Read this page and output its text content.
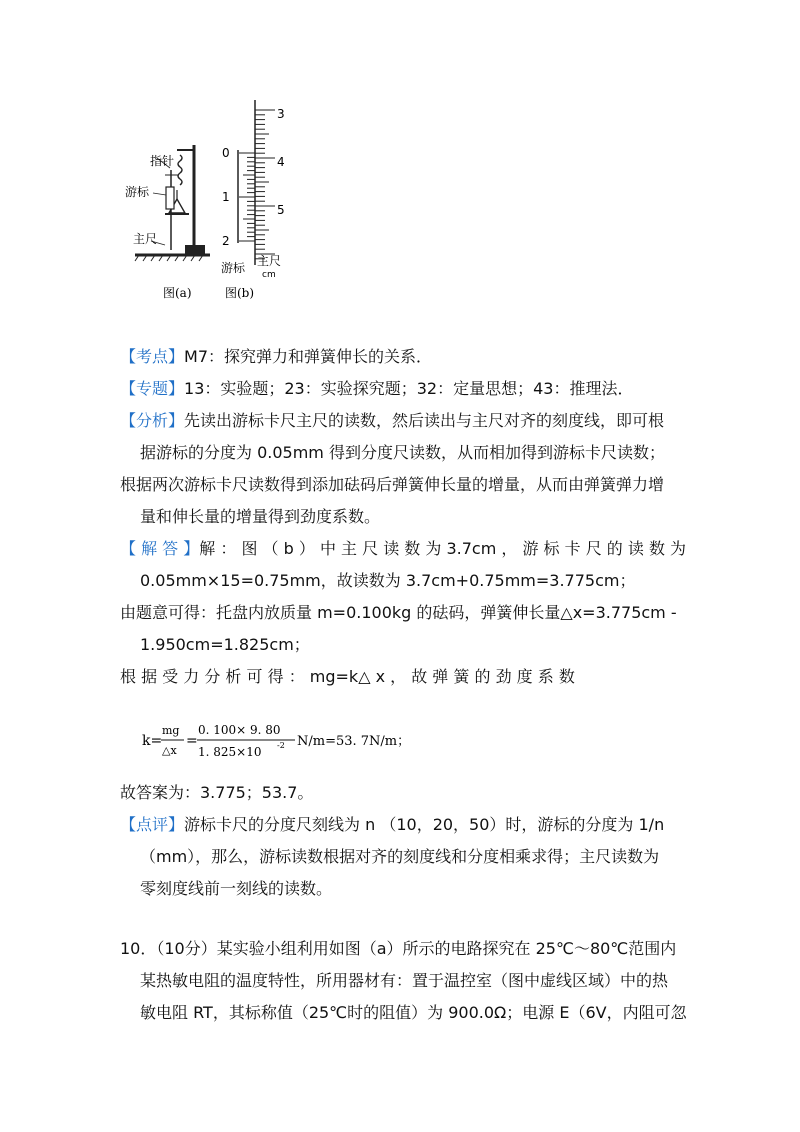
指针
游标
主尺
图(a)
3
4
5
0
1
2
游标 主尺
cm
图(b)
【考点】M7：探究弹力和弹簧伸长的关系．
【专题】13：实验题；23：实验探究题；32：定量思想；43：推理法．
【分析】先读出游标卡尺主尺的读数，然后读出与主尺对齐的刻度线，即可根
据游标的分度为 0.05mm 得到分度尺读数，从而相加得到游标卡尺读数；
根据两次游标卡尺读数得到添加砝码后弹簧伸长量的增量，从而由弹簧弹力增
量和伸长量的增量得到劲度系数。
【 解 答 】解 ： 图 （ b ） 中 主 尺 读 数 为 3.7cm ， 游 标 卡 尺 的 读 数 为
0.05mm×15=0.75mm，故读数为 3.7cm+0.75mm=3.775cm；
由题意可得：托盘内放质量 m=0.100kg 的砝码，弹簧伸长量△x=3.775cm -
1.950cm=1.825cm；
根 据 受 力 分 析 可 得 ： mg=k△ x ， 故 弹 簧 的 劲 度 系 数
k=
mg
△x
=
0. 100× 9. 80
1. 825×10 -2 N/m=53. 7N/m；
故答案为：3.775；53.7。
【点评】游标卡尺的分度尺刻线为 n （10，20，50）时，游标的分度为 1/n
（mm），那么，游标读数根据对齐的刻度线和分度相乘求得；主尺读数为
零刻度线前一刻线的读数。
10．（10分）某实验小组利用如图（a）所示的电路探究在 25℃～80℃范围内
某热敏电阻的温度特性，所用器材有：置于温控室（图中虚线区域）中的热
敏电阻 RT，其标称值（25℃时的阻值）为 900.0Ω；电源 E（6V，内阻可忽
